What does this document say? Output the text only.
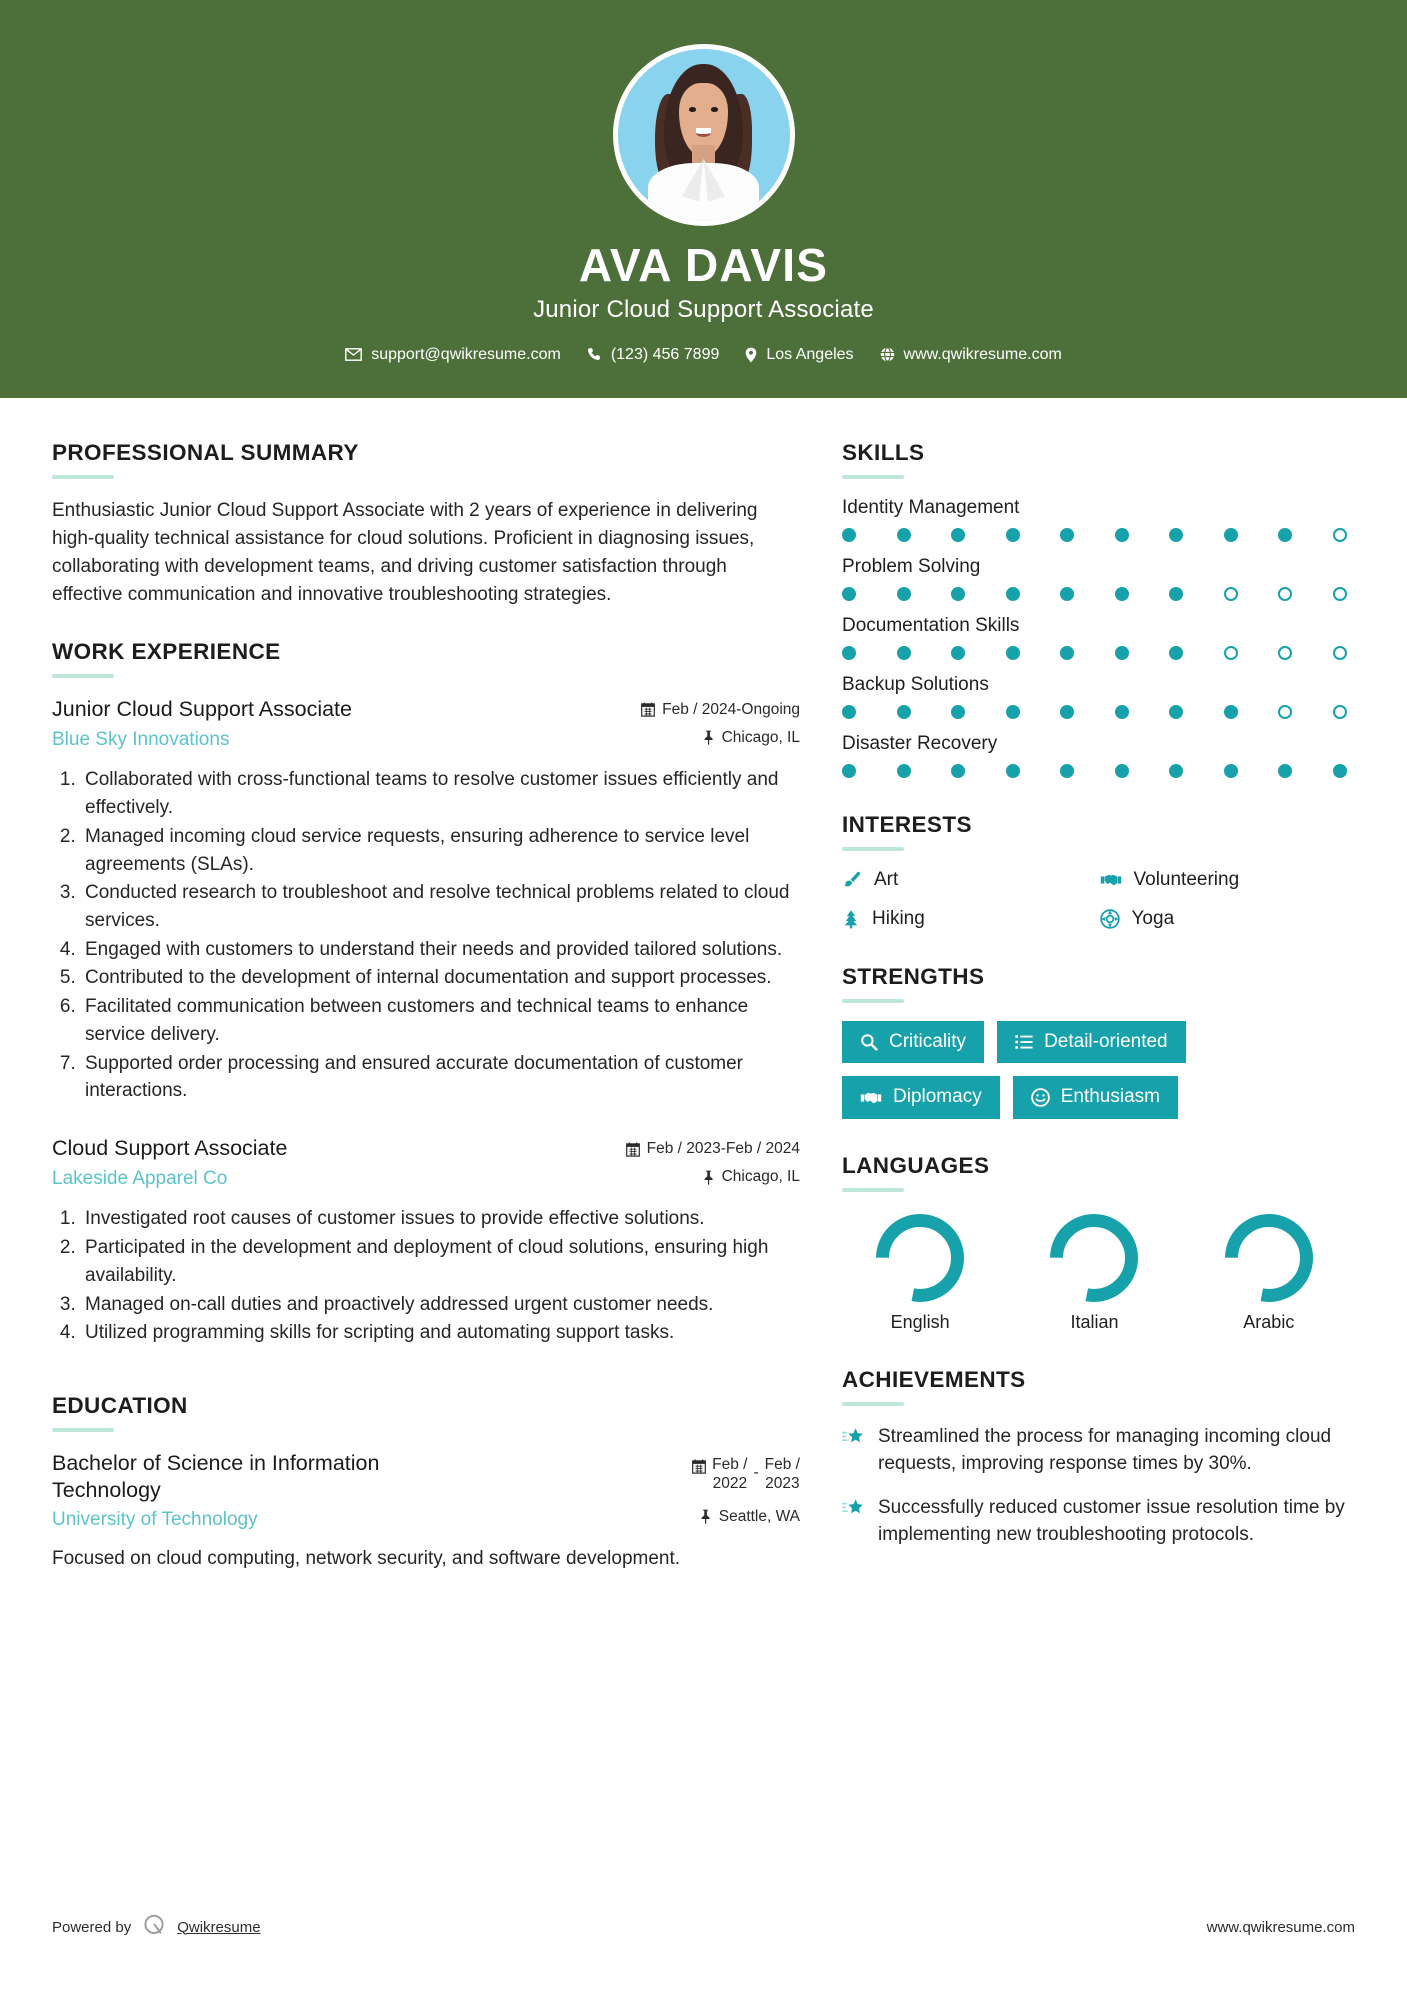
AVA DAVIS
Junior Cloud Support Associate
support@qwikresume.com	(123) 456 7899	Los Angeles	www.qwikresume.com
PROFESSIONAL SUMMARY
Enthusiastic Junior Cloud Support Associate with 2 years of experience in delivering high-quality technical assistance for cloud solutions. Proficient in diagnosing issues, collaborating with development teams, and driving customer satisfaction through effective communication and innovative troubleshooting strategies.
WORK EXPERIENCE
Junior Cloud Support Associate
Blue Sky Innovations
Feb / 2024-Ongoing
Chicago, IL
1. Collaborated with cross-functional teams to resolve customer issues efficiently and effectively.
2. Managed incoming cloud service requests, ensuring adherence to service level agreements (SLAs).
3. Conducted research to troubleshoot and resolve technical problems related to cloud services.
4. Engaged with customers to understand their needs and provided tailored solutions.
5. Contributed to the development of internal documentation and support processes.
6. Facilitated communication between customers and technical teams to enhance service delivery.
7. Supported order processing and ensured accurate documentation of customer interactions.
Cloud Support Associate
Lakeside Apparel Co
Feb / 2023-Feb / 2024
Chicago, IL
1. Investigated root causes of customer issues to provide effective solutions.
2. Participated in the development and deployment of cloud solutions, ensuring high availability.
3. Managed on-call duties and proactively addressed urgent customer needs.
4. Utilized programming skills for scripting and automating support tasks.
EDUCATION
Bachelor of Science in Information Technology
University of Technology
Feb /
2022
- Feb /
2023
Seattle, WA
Focused on cloud computing, network security, and software development.
SKILLS
Identity Management
Problem Solving
Documentation Skills
Backup Solutions
Disaster Recovery
INTERESTS
Art	Volunteering
Hiking	Yoga
STRENGTHS
Criticality	Detail-oriented
Diplomacy	Enthusiasm
LANGUAGES
English	Italian	Arabic
ACHIEVEMENTS
Streamlined the process for managing incoming cloud requests, improving response times by 30%.
Successfully reduced customer issue resolution time by implementing new troubleshooting protocols.
Powered by	Qwikresume	www.qwikresume.com
